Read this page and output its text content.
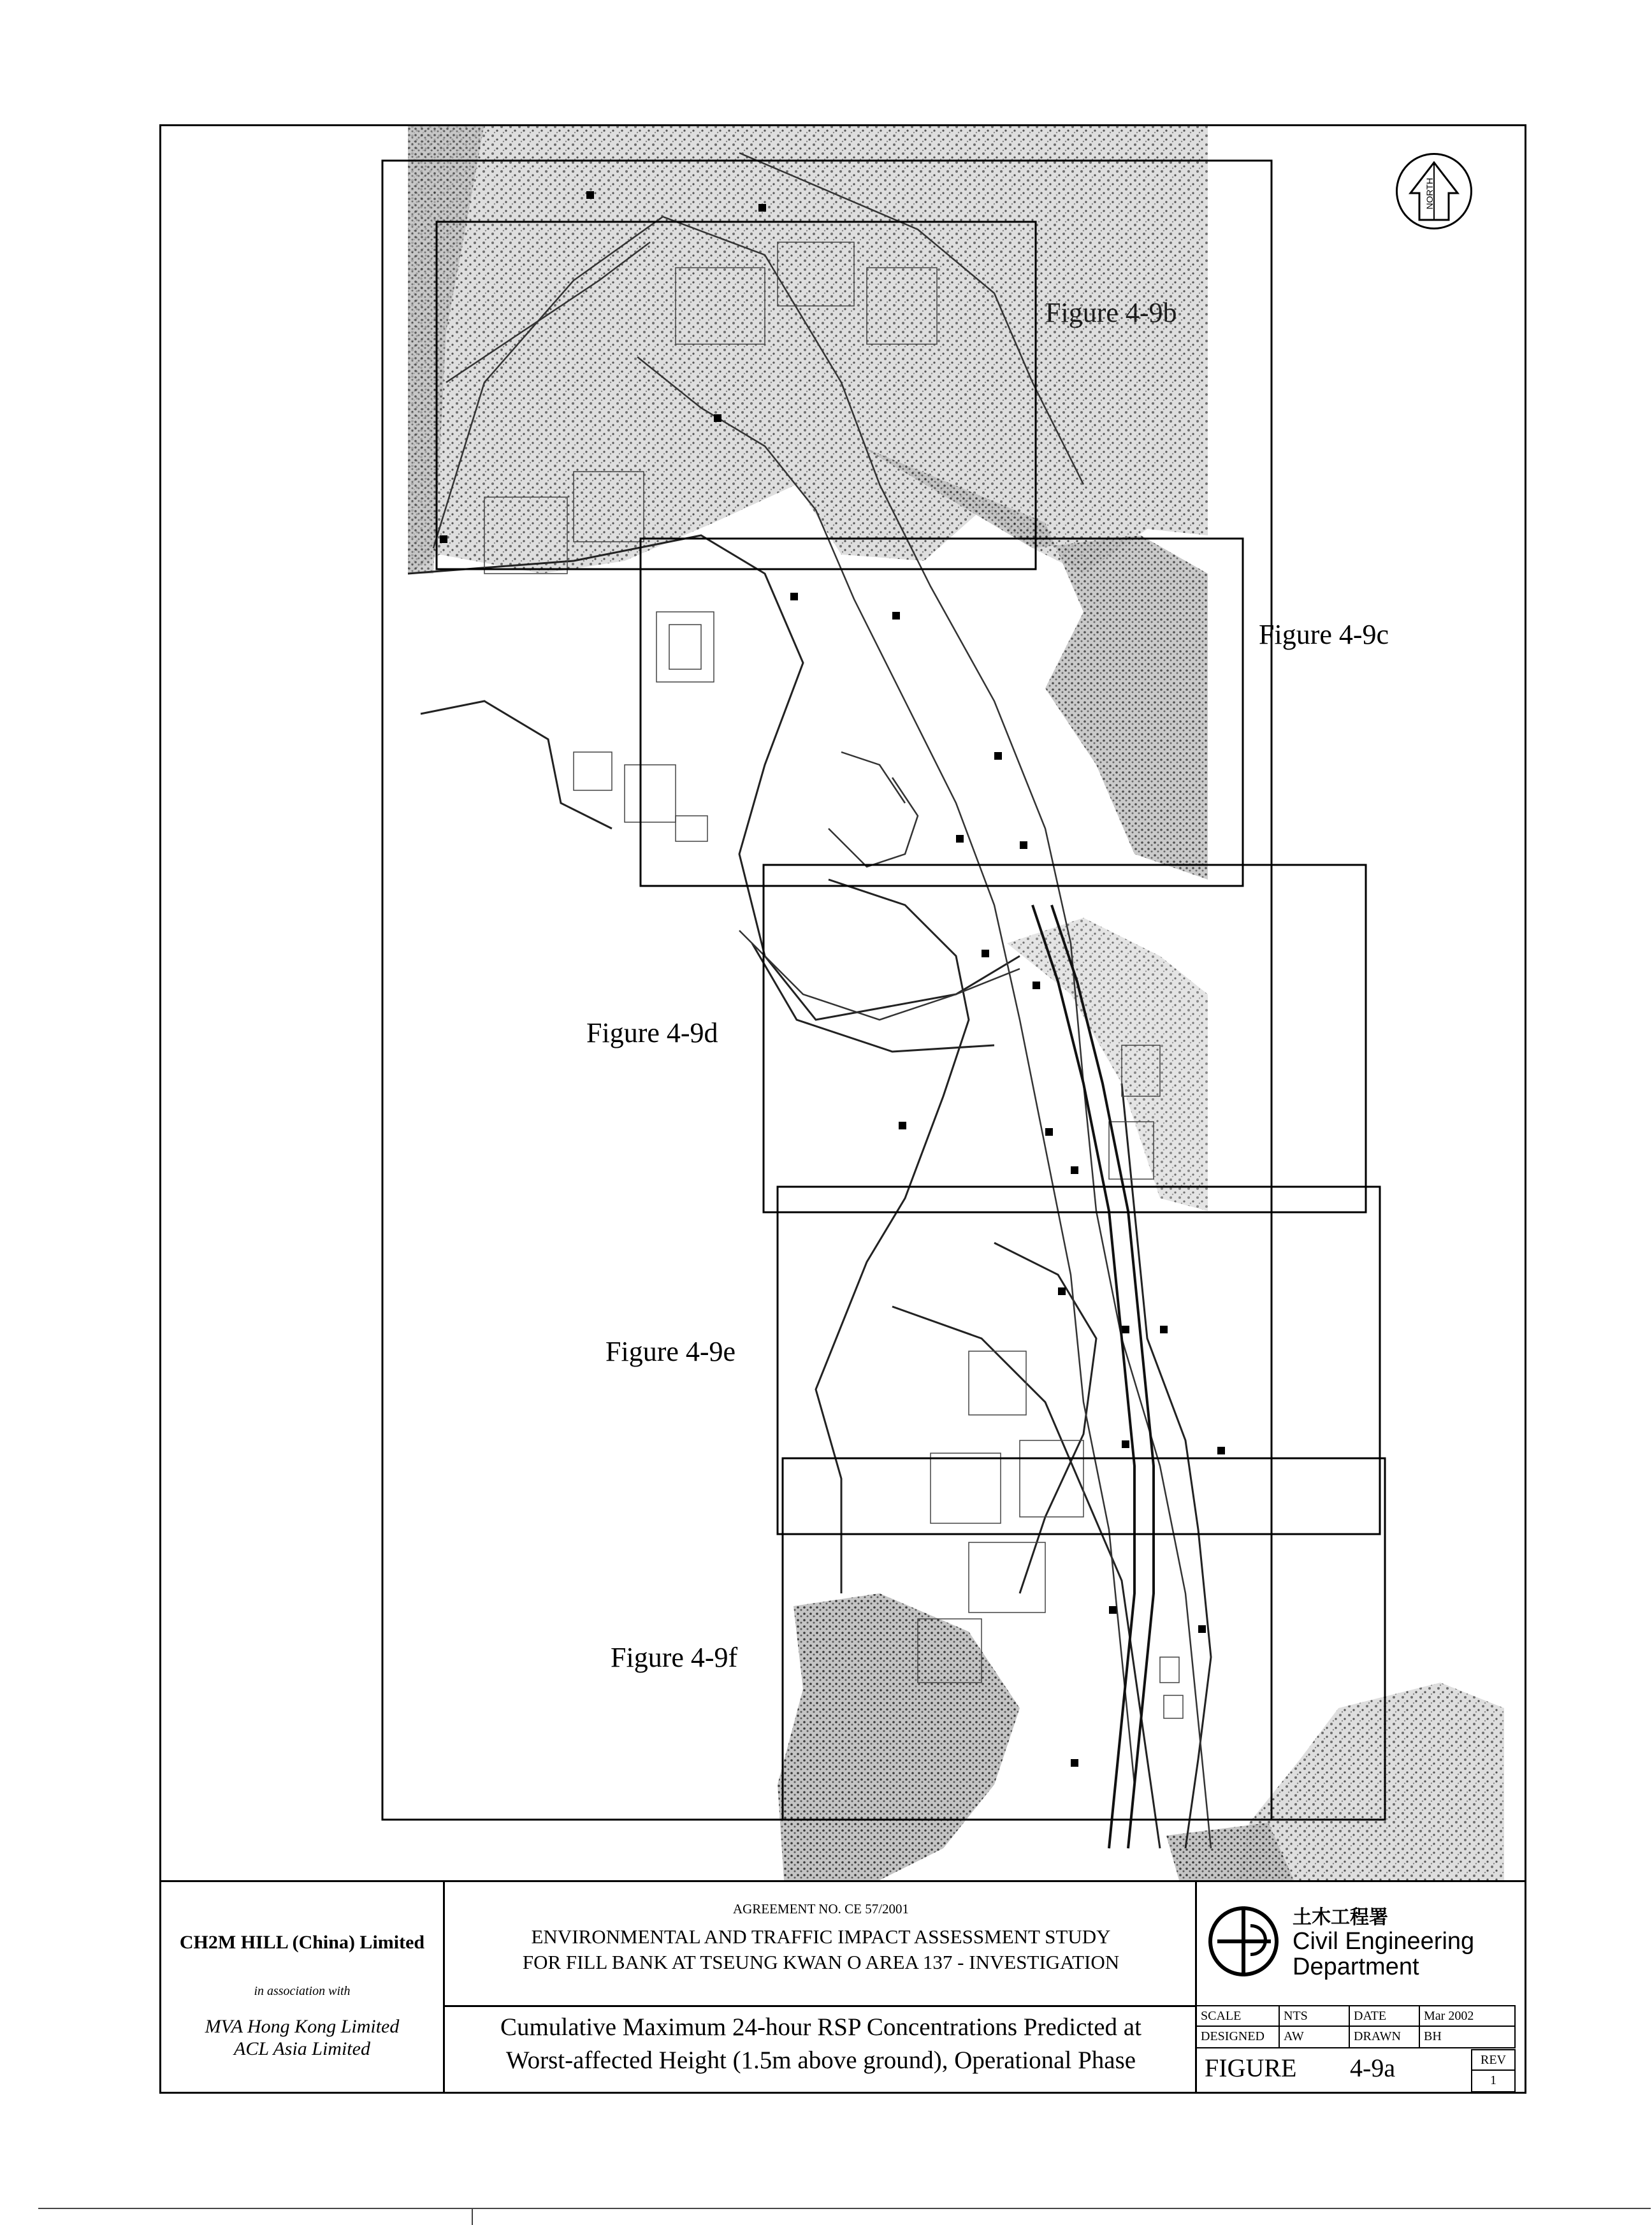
NORTH
Figure 4-9b
Figure 4-9c
Figure 4-9d
Figure 4-9e
Figure 4-9f
CH2M HILL (China) Limited
in association with
MVA Hong Kong Limited
ACL Asia Limited
AGREEMENT NO. CE 57/2001
ENVIRONMENTAL AND TRAFFIC IMPACT ASSESSMENT STUDY
FOR FILL BANK AT TSEUNG KWAN O AREA 137 - INVESTIGATION
Cumulative Maximum 24-hour RSP Concentrations Predicted at
Worst-affected Height (1.5m above ground), Operational Phase
土木工程署
Civil Engineering
Department
SCALE	NTS	DATE	Mar 2002
DESIGNED	AW	DRAWN	BH
FIGURE 4-9a	REV
1
